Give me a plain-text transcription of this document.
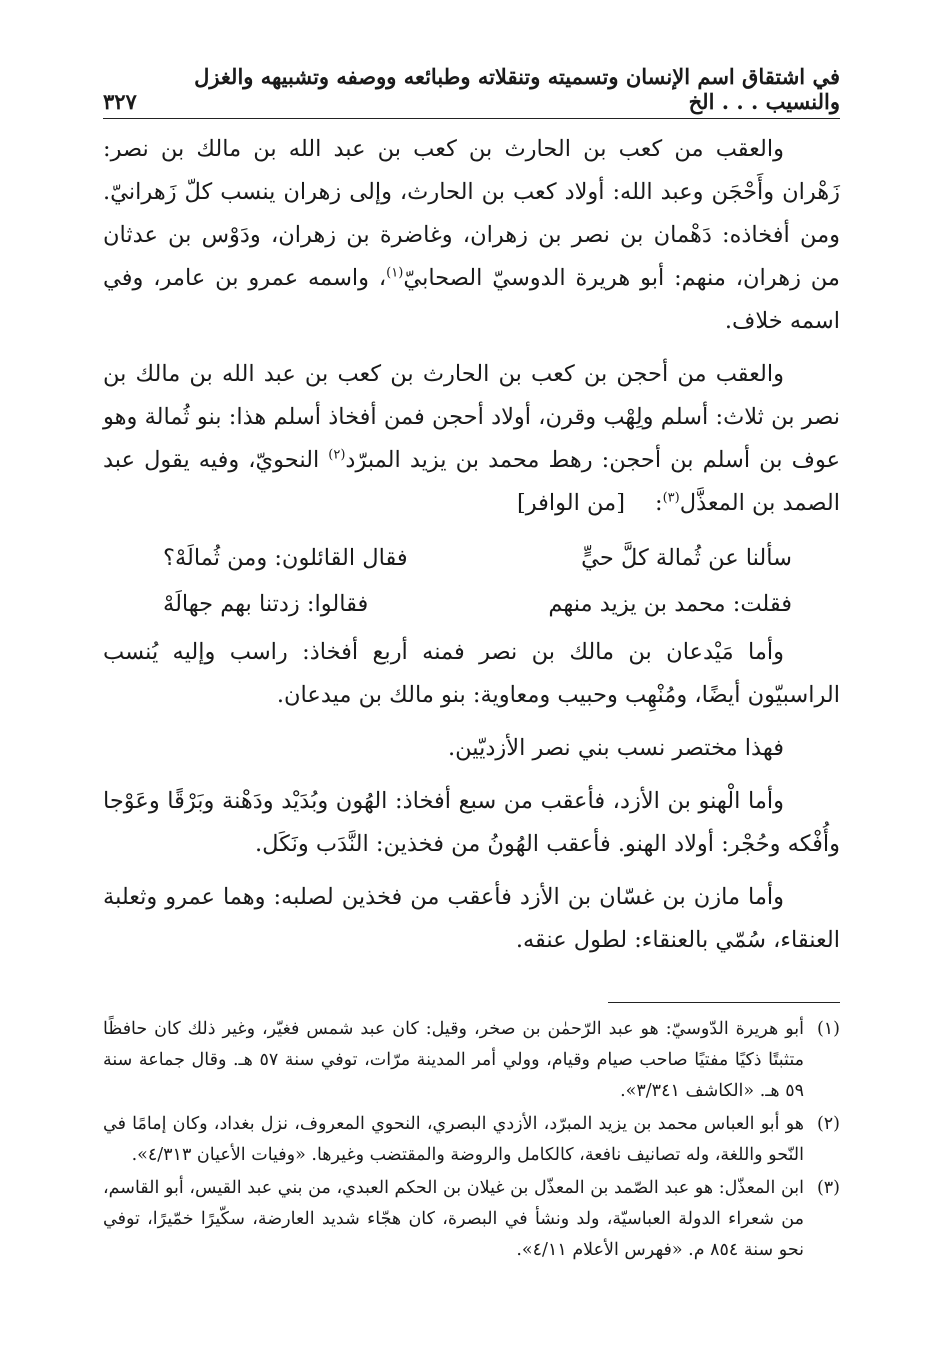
في اشتقاق اسم الإنسان وتسميته وتنقلاته وطبائعه ووصفه وتشبيهه والغزل والنسيب . . . الخ
٣٢٧

والعقب من كعب بن الحارث بن كعب بن عبد الله بن مالك بن نصر: زَهْران وأَحْجَن وعبد الله: أولاد كعب بن الحارث، وإلى زهران ينسب كلّ زَهرانيّ. ومن أفخاذه: دَهْمان بن نصر بن زهران، وغاضرة بن زهران، ودَوْس بن عدثان من زهران، منهم: أبو هريرة الدوسيّ الصحابيّ$^{(١)}$، واسمه عمرو بن عامر، وفي اسمه خلاف.

والعقب من أحجن بن كعب بن الحارث بن كعب بن عبد الله بن مالك بن نصر بن ثلاث: أسلم ولِهْب وقرن، أولاد أحجن فمن أفخاذ أسلم هذا: بنو ثُمالة وهو عوف بن أسلم بن أحجن: رهط محمد بن يزيد المبرّد$^{(٢)}$ النحويّ، وفيه يقول عبد الصمد بن المعذَّل$^{(٣)}$:[من الوافر]

سألنا عن ثُمالة كلَّ حيٍّ
فقال القائلون: ومن ثُمالَهْ؟
فقلت: محمد بن يزيد منهم
فقالوا: زدتنا بهم جهالَهْ

وأما مَيْدعان بن مالك بن نصر فمنه أربع أفخاذ: راسب وإليه يُنسب الراسبيّون أيضًا، ومُنْهِب وحبيب ومعاوية: بنو مالك بن ميدعان.

فهذا مختصر نسب بني نصر الأزديّين.

وأما الْهنو بن الأزد، فأعقب من سبع أفخاذ: الهُون وبُدَيْد ودَهْنة وبَرْقًا وعَوْجا وأُفْكه وحُجْر: أولاد الهنو. فأعقب الهُونُ من فخذين: النَّدَب ونَكَل.

وأما مازن بن غسّان بن الأزد فأعقب من فخذين لصلبه: وهما عمرو وثعلبة العنقاء، سُمّي بالعنقاء: لطول عنقه.

(١)
أبو هريرة الدّوسيّ: هو عبد الرّحمٰن بن صخر، وقيل: كان عبد شمس فغيّر، وغير ذلك كان حافظًا متثبتًا ذكيًا مفتيًا صاحب صيام وقيام، وولي أمر المدينة مرّات، توفي سنة ٥٧ هـ. وقال جماعة سنة ٥٩ هـ. «الكاشف ٣/٣٤١».
(٢)
هو أبو العباس محمد بن يزيد المبرّد، الأزدي البصري، النحوي المعروف، نزل بغداد، وكان إمامًا في النّحو واللغة، وله تصانيف نافعة، كالكامل والروضة والمقتضب وغيرها. «وفيات الأعيان ٤/٣١٣».
(٣)
ابن المعذّل: هو عبد الصّمد بن المعذّل بن غيلان بن الحكم العبدي، من بني عبد القيس، أبو القاسم، من شعراء الدولة العباسيّة، ولد ونشأ في البصرة، كان هجّاء شديد العارضة، سكّيرًا خمّيرًا، توفي نحو سنة ٨٥٤ م. «فهرس الأعلام ٤/١١».
